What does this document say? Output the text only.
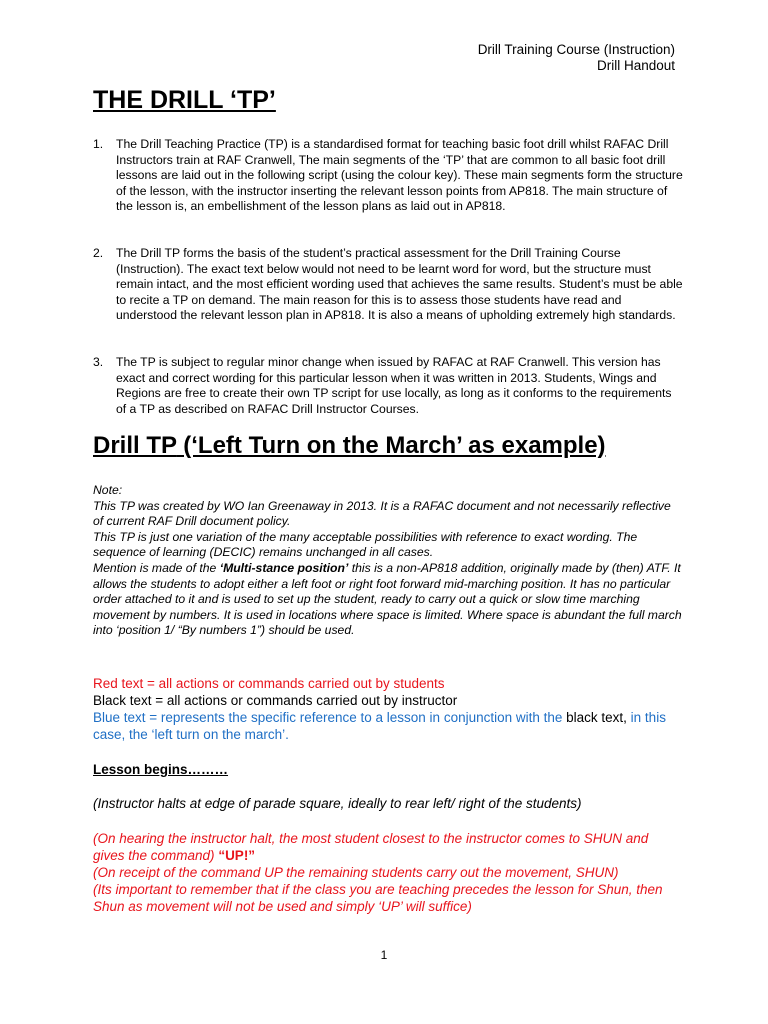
Drill Training Course (Instruction)
Drill Handout
THE DRILL ‘TP’
1. The Drill Teaching Practice (TP) is a standardised format for teaching basic foot drill whilst RAFAC Drill Instructors train at RAF Cranwell, The main segments of the ‘TP’ that are common to all basic foot drill lessons are laid out in the following script (using the colour key). These main segments form the structure of the lesson, with the instructor inserting the relevant lesson points from AP818. The main structure of the lesson is, an embellishment of the lesson plans as laid out in AP818.
2. The Drill TP forms the basis of the student’s practical assessment for the Drill Training Course (Instruction). The exact text below would not need to be learnt word for word, but the structure must remain intact, and the most efficient wording used that achieves the same results. Student’s must be able to recite a TP on demand. The main reason for this is to assess those students have read and understood the relevant lesson plan in AP818. It is also a means of upholding extremely high standards.
3. The TP is subject to regular minor change when issued by RAFAC at RAF Cranwell. This version has exact and correct wording for this particular lesson when it was written in 2013. Students, Wings and Regions are free to create their own TP script for use locally, as long as it conforms to the requirements of a TP as described on RAFAC Drill Instructor Courses.
Drill TP (‘Left Turn on the March’ as example)
Note:
This TP was created by WO Ian Greenaway in 2013. It is a RAFAC document and not necessarily reflective of current RAF Drill document policy.
This TP is just one variation of the many acceptable possibilities with reference to exact wording. The sequence of learning (DECIC) remains unchanged in all cases.
Mention is made of the ‘Multi-stance position’ this is a non-AP818 addition, originally made by (then) ATF. It allows the students to adopt either a left foot or right foot forward mid-marching position. It has no particular order attached to it and is used to set up the student, ready to carry out a quick or slow time marching movement by numbers. It is used in locations where space is limited. Where space is abundant the full march into ‘position 1/ “By numbers 1”) should be used.
Red text = all actions or commands carried out by students
Black text = all actions or commands carried out by instructor
Blue text = represents the specific reference to a lesson in conjunction with the black text, in this case, the ‘left turn on the march’.
Lesson begins………
(Instructor halts at edge of parade square, ideally to rear left/ right of the students)
(On hearing the instructor halt, the most student closest to the instructor comes to SHUN and gives the command) “UP!”
(On receipt of the command UP the remaining students carry out the movement, SHUN)
(Its important to remember that if the class you are teaching precedes the lesson for Shun, then Shun as movement will not be used and simply ‘UP’ will suffice)
1
